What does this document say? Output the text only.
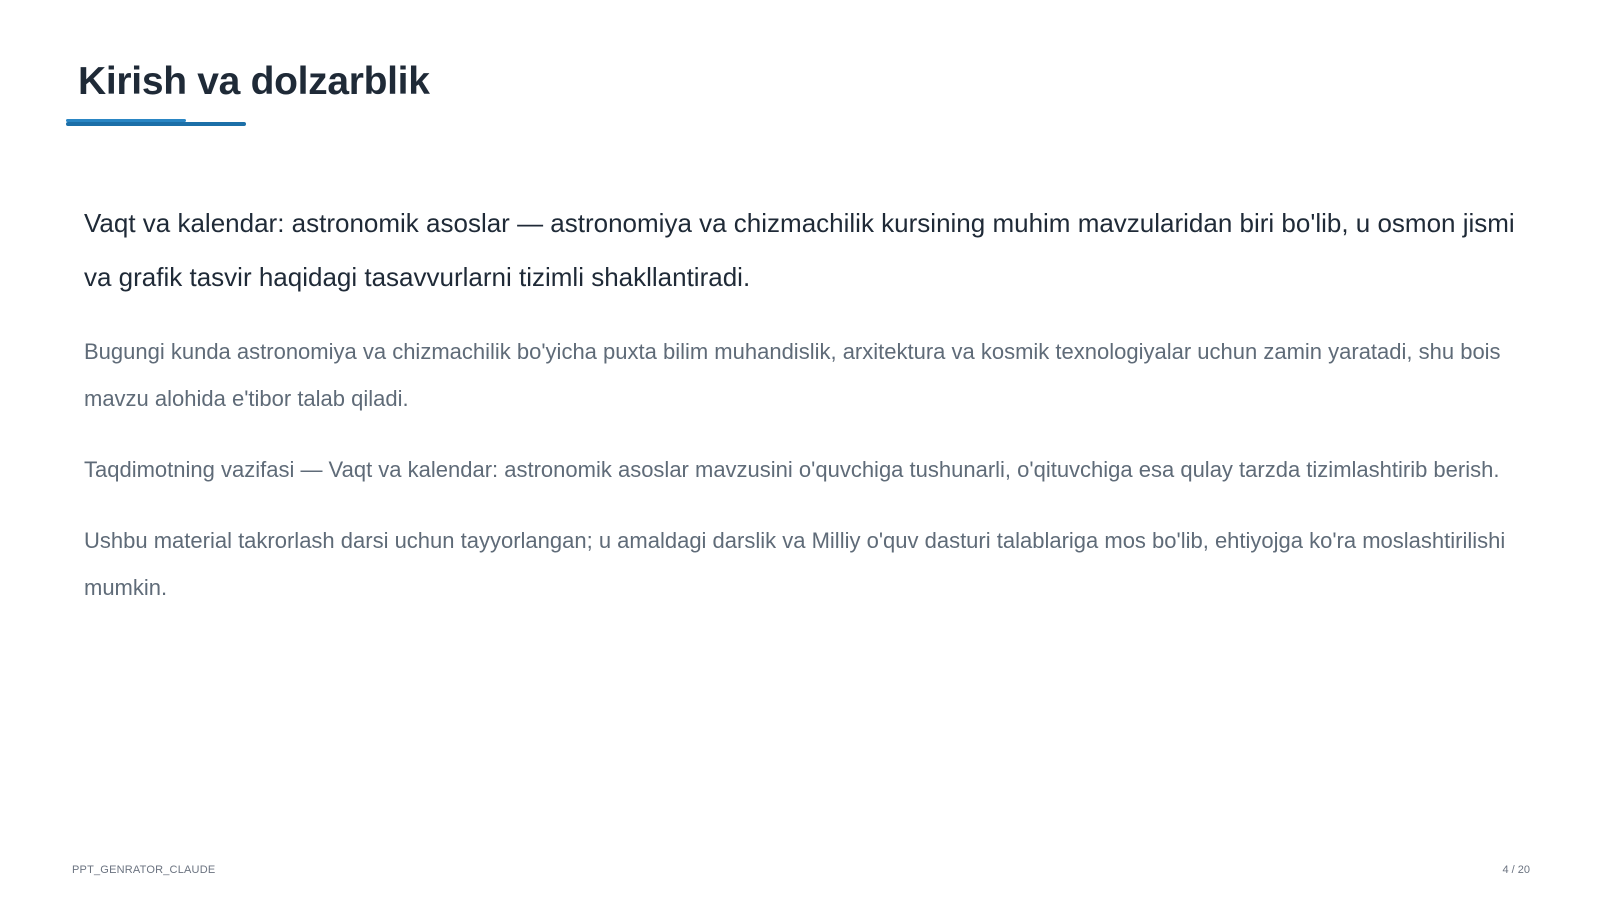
Kirish va dolzarblik

Vaqt va kalendar: astronomik asoslar — astronomiya va chizmachilik kursining muhim mavzularidan biri bo'lib, u osmon jismi va grafik tasvir haqidagi tasavvurlarni tizimli shakllantiradi.

Bugungi kunda astronomiya va chizmachilik bo'yicha puxta bilim muhandislik, arxitektura va kosmik texnologiyalar uchun zamin yaratadi, shu bois mavzu alohida e'tibor talab qiladi.

Taqdimotning vazifasi — Vaqt va kalendar: astronomik asoslar mavzusini o'quvchiga tushunarli, o'qituvchiga esa qulay tarzda tizimlashtirib berish.

Ushbu material takrorlash darsi uchun tayyorlangan; u amaldagi darslik va Milliy o'quv dasturi talablariga mos bo'lib, ehtiyojga ko'ra moslashtirilishi mumkin.

PPT_GENRATOR_CLAUDE	4 / 20
